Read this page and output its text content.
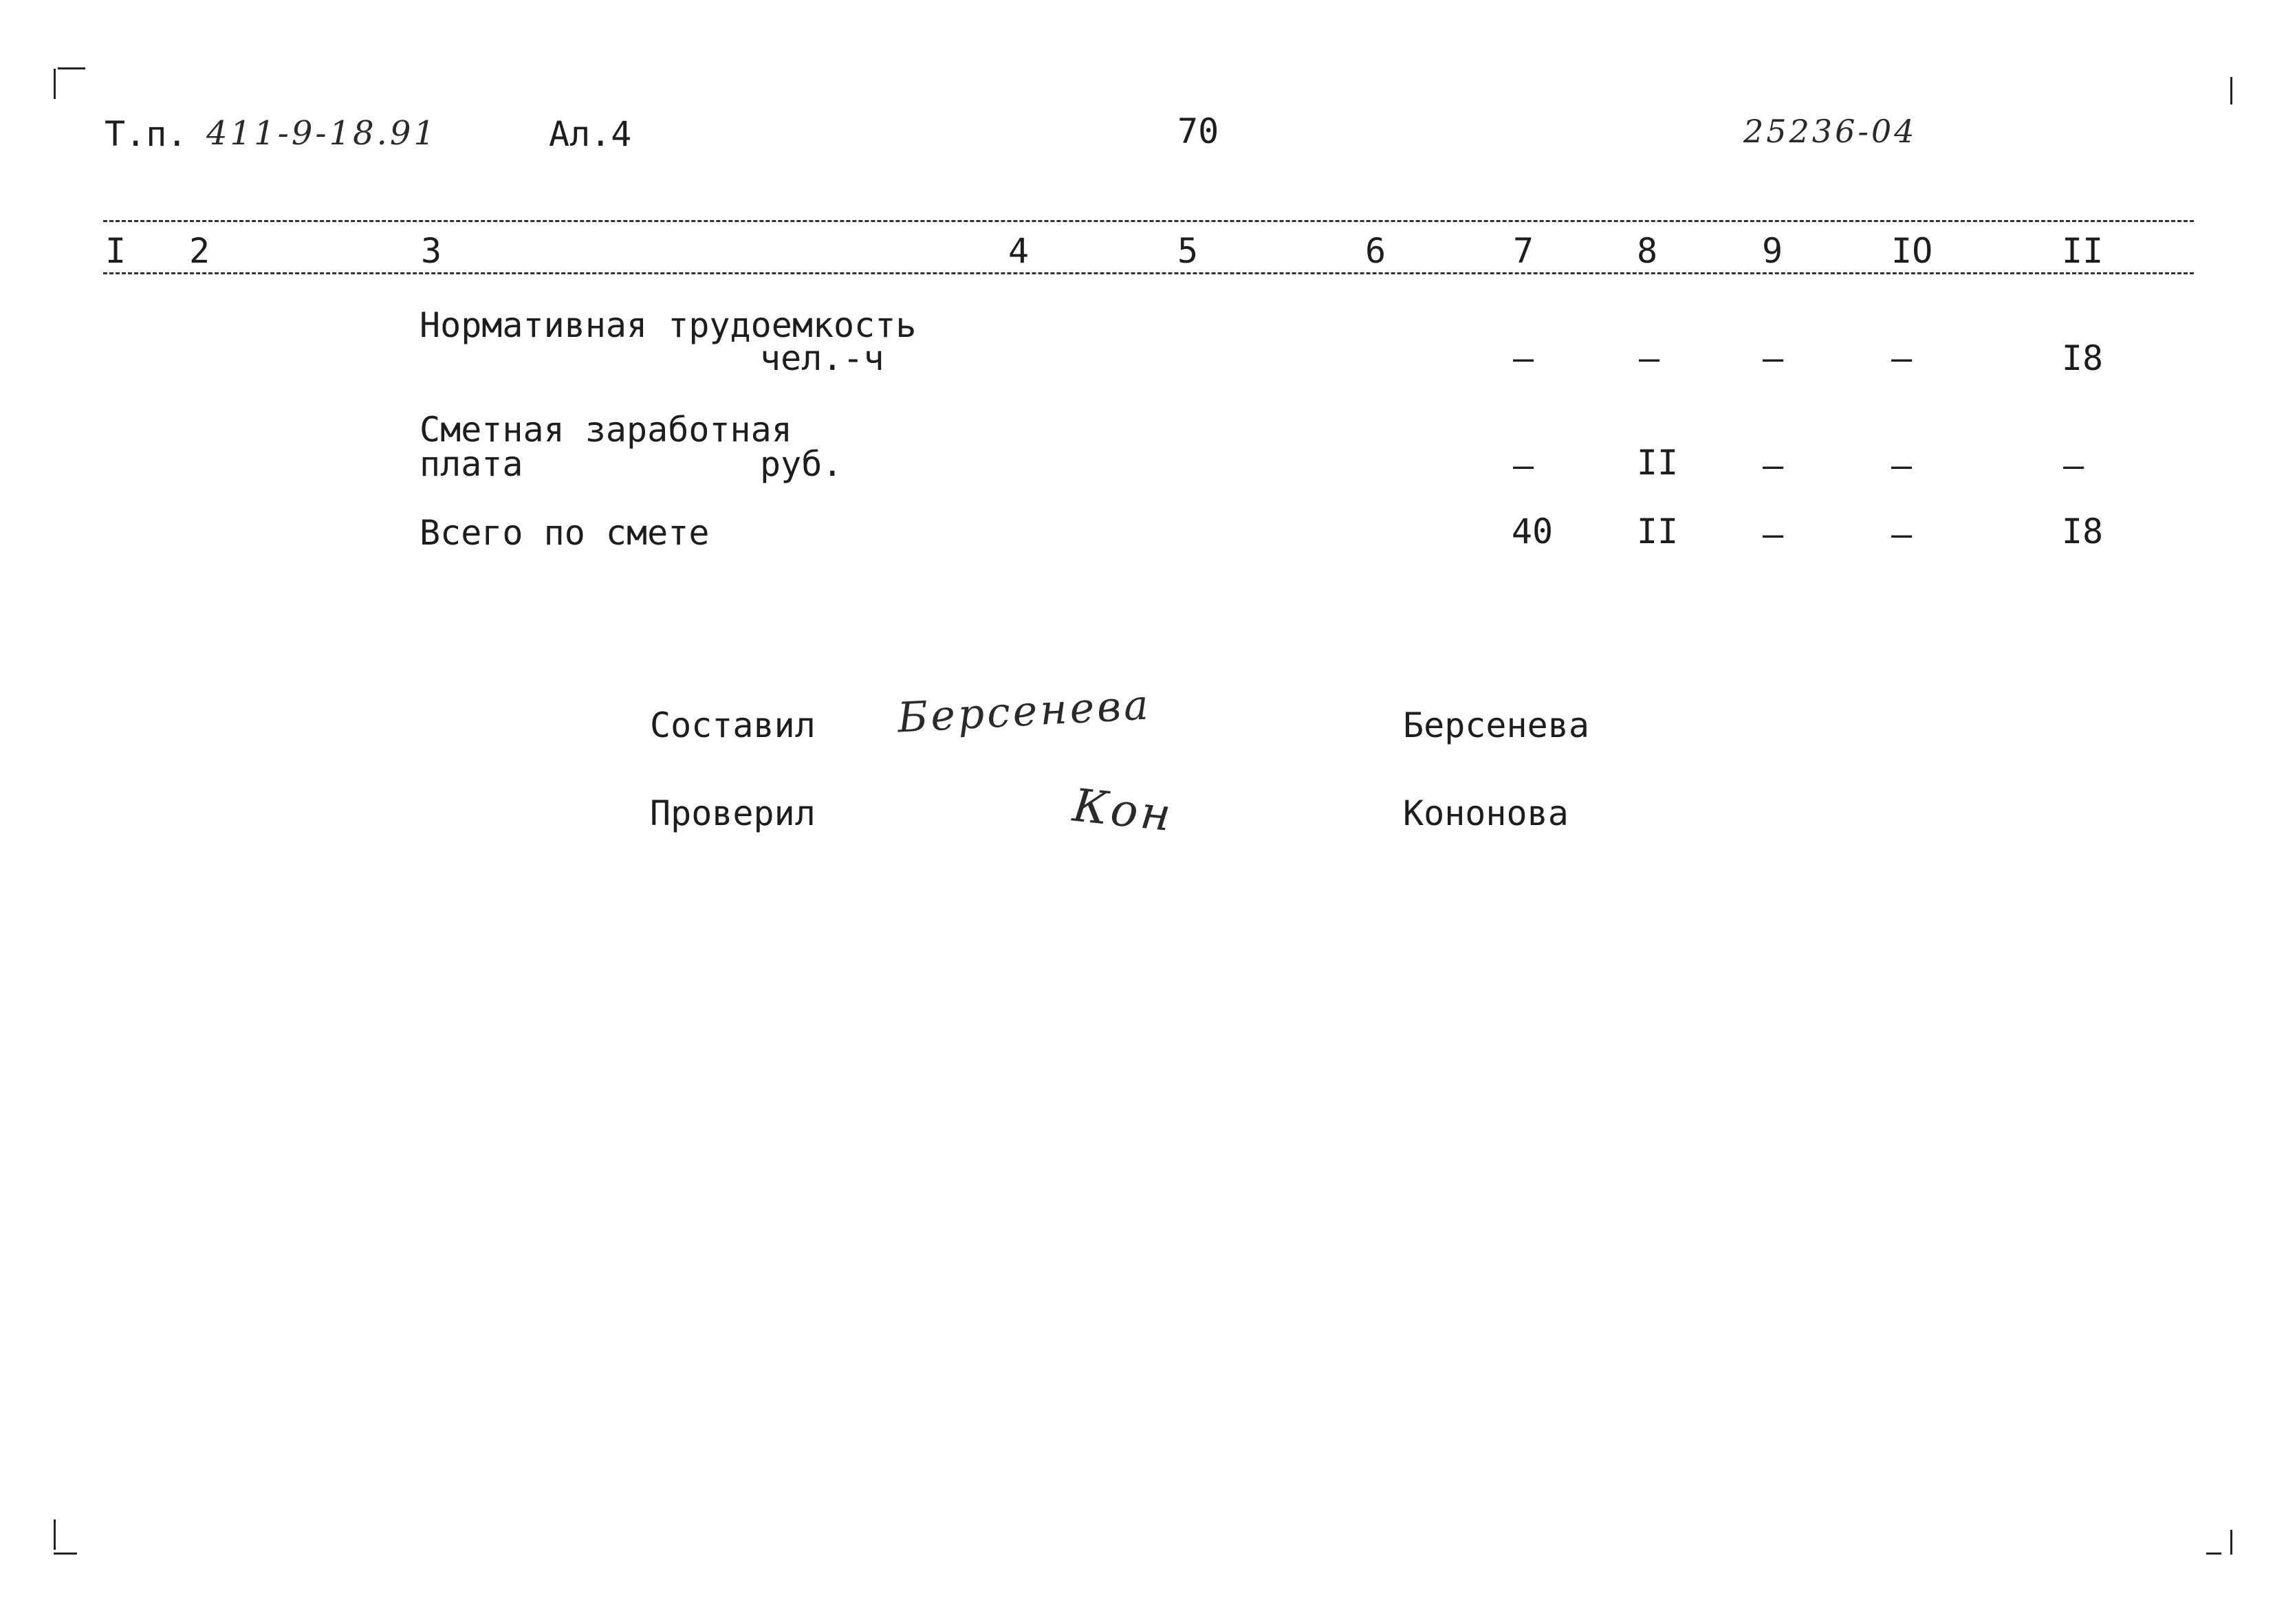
Т.п. 411-9-18.91	Ал.4	70	25236-04
I 2	3	4	5	6	7	8	9	IO	II
Нормативная трудоемкость
чел.-ч	–	–	–	–	I8
Сметная заработная
плата	руб.	–	II	–	–	–
Всего по смете	40	II	–	–	I8
Составил Берсенева	Берсенева
Проверил	Кон	Кононова
